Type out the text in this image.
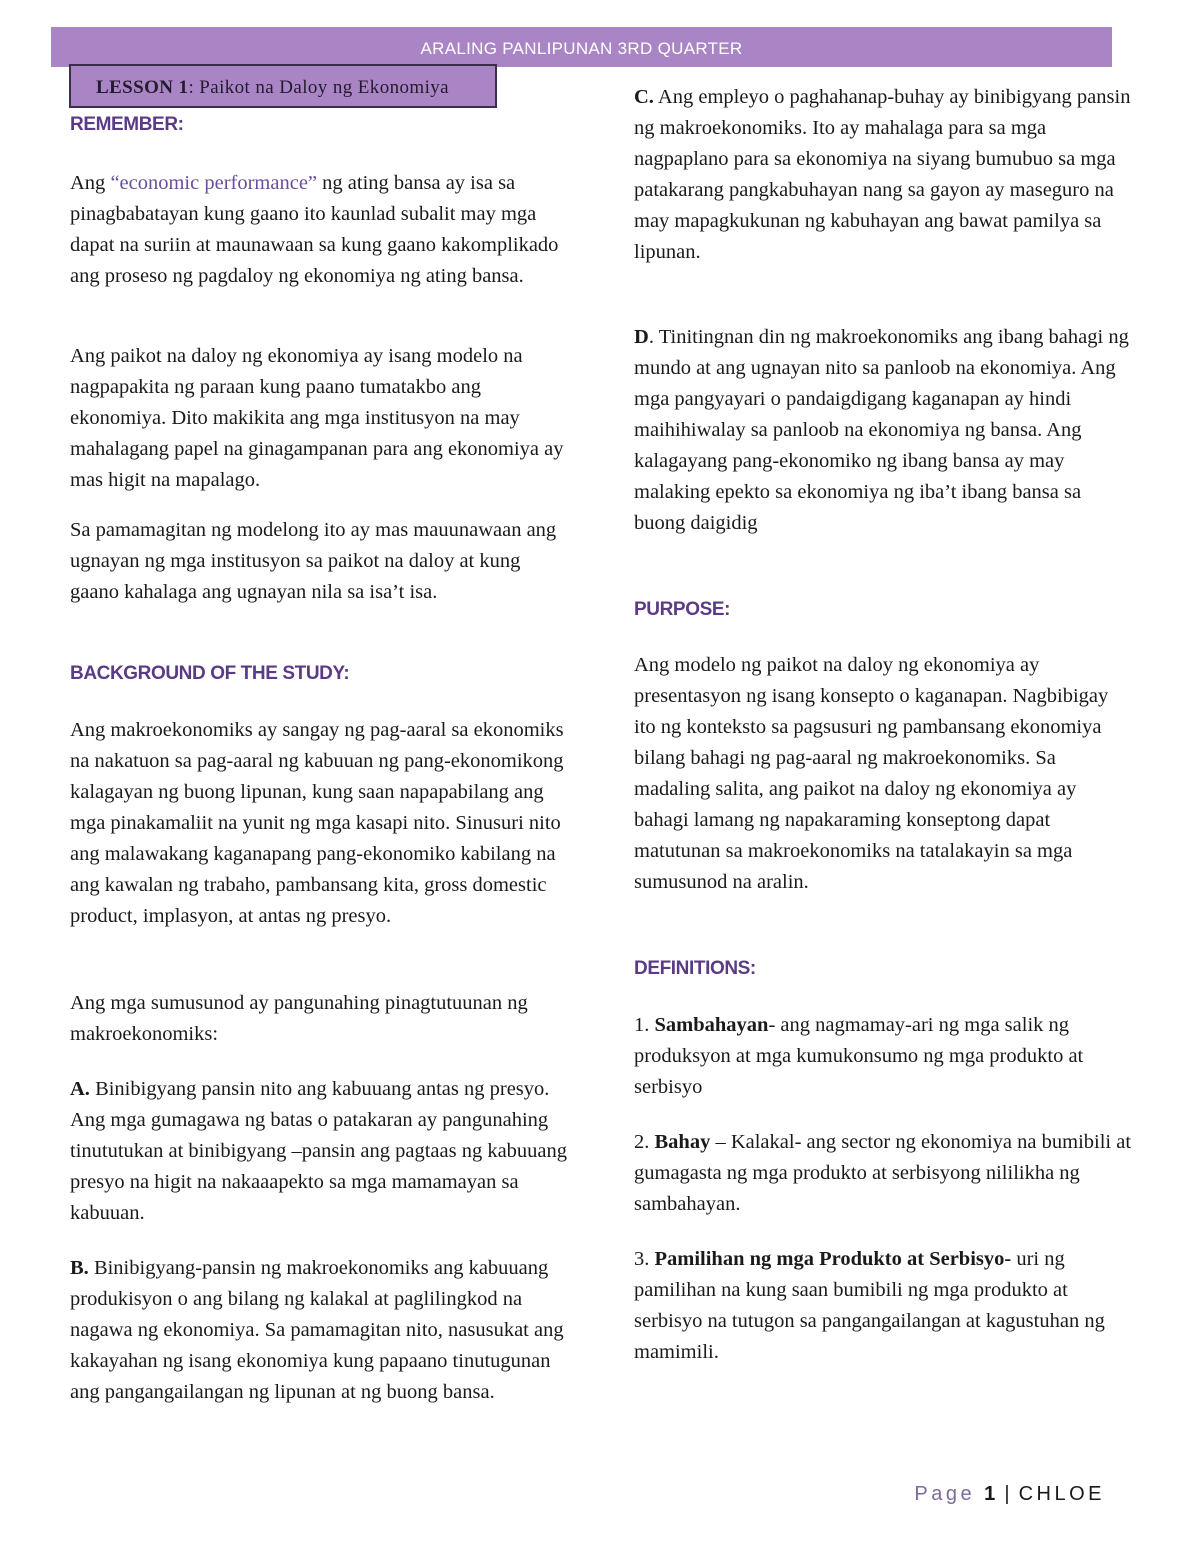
ARALING PANLIPUNAN 3RD QUARTER
LESSON 1: Paikot na Daloy ng Ekonomiya
REMEMBER:

Ang “economic performance” ng ating bansa ay isa sa pinagbabatayan kung gaano ito kaunlad subalit may mga dapat na suriin at maunawaan sa kung gaano kakomplikado ang proseso ng pagdaloy ng ekonomiya ng ating bansa.

Ang paikot na daloy ng ekonomiya ay isang modelo na nagpapakita ng paraan kung paano tumatakbo ang ekonomiya. Dito makikita ang mga institusyon na may mahalagang papel na ginagampanan para ang ekonomiya ay mas higit na mapalago.

Sa pamamagitan ng modelong ito ay mas mauunawaan ang ugnayan ng mga institusyon sa paikot na daloy at kung gaano kahalaga ang ugnayan nila sa isa’t isa.

BACKGROUND OF THE STUDY:

Ang makroekonomiks ay sangay ng pag-aaral sa ekonomiks na nakatuon sa pag-aaral ng kabuuan ng pang-ekonomikong kalagayan ng buong lipunan, kung saan napapabilang ang mga pinakamaliit na yunit ng mga kasapi nito. Sinusuri nito ang malawakang kaganapang pang-ekonomiko kabilang na ang kawalan ng trabaho, pambansang kita, gross domestic product, implasyon, at antas ng presyo.

Ang mga sumusunod ay pangunahing pinagtutuunan ng makroekonomiks:

A. Binibigyang pansin nito ang kabuuang antas ng presyo. Ang mga gumagawa ng batas o patakaran ay pangunahing tinututukan at binibigyang –pansin ang pagtaas ng kabuuang presyo na higit na nakaaapekto sa mga mamamayan sa kabuuan.

B. Binibigyang-pansin ng makroekonomiks ang kabuuang produkisyon o ang bilang ng kalakal at paglilingkod na nagawa ng ekonomiya. Sa pamamagitan nito, nasusukat ang kakayahan ng isang ekonomiya kung papaano tinutugunan ang pangangailangan ng lipunan at ng buong bansa.

C. Ang empleyo o paghahanap-buhay ay binibigyang pansin ng makroekonomiks. Ito ay mahalaga para sa mga nagpaplano para sa ekonomiya na siyang bumubuo sa mga patakarang pangkabuhayan nang sa gayon ay maseguro na may mapagkukunan ng kabuhayan ang bawat pamilya sa lipunan.

D. Tinitingnan din ng makroekonomiks ang ibang bahagi ng mundo at ang ugnayan nito sa panloob na ekonomiya. Ang mga pangyayari o pandaigdigang kaganapan ay hindi maihihiwalay sa panloob na ekonomiya ng bansa. Ang kalagayang pang-ekonomiko ng ibang bansa ay may malaking epekto sa ekonomiya ng iba’t ibang bansa sa buong daigidig

PURPOSE:

Ang modelo ng paikot na daloy ng ekonomiya ay presentasyon ng isang konsepto o kaganapan. Nagbibigay ito ng konteksto sa pagsusuri ng pambansang ekonomiya bilang bahagi ng pag-aaral ng makroekonomiks. Sa madaling salita, ang paikot na daloy ng ekonomiya ay bahagi lamang ng napakaraming konseptong dapat matutunan sa makroekonomiks na tatalakayin sa mga sumusunod na aralin.

DEFINITIONS:

1. Sambahayan- ang nagmamay-ari ng mga salik ng produksyon at mga kumukonsumo ng mga produkto at serbisyo

2. Bahay – Kalakal- ang sector ng ekonomiya na bumibili at gumagasta ng mga produkto at serbisyong nililikha ng sambahayan.

3. Pamilihan ng mga Produkto at Serbisyo- uri ng pamilihan na kung saan bumibili ng mga produkto at serbisyo na tutugon sa pangangailangan at kagustuhan ng mamimili.

Page 1 | CHLOE
